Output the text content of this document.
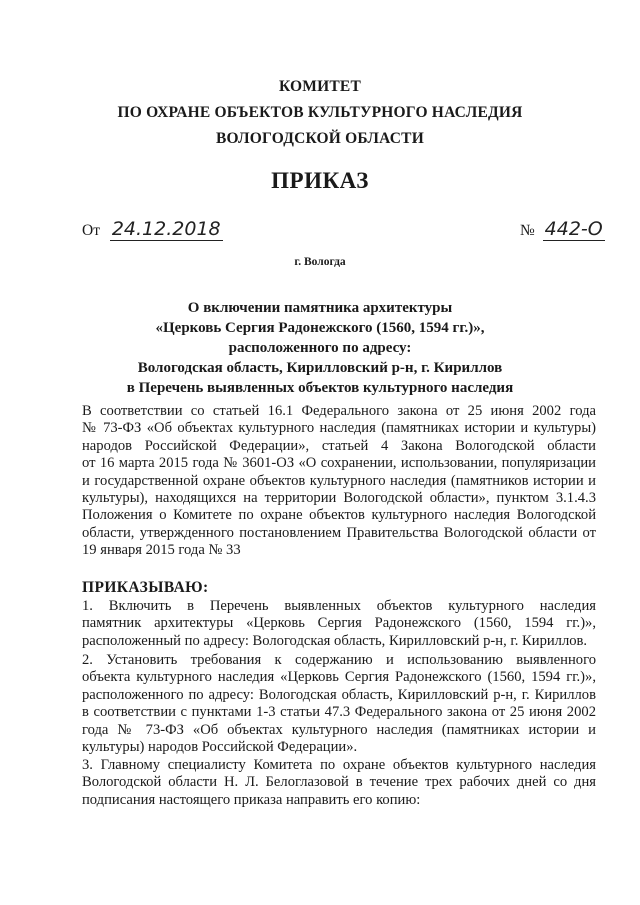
КОМИТЕТ
ПО ОХРАНЕ ОБЪЕКТОВ КУЛЬТУРНОГО НАСЛЕДИЯ
ВОЛОГОДСКОЙ ОБЛАСТИ
ПРИКАЗ
От 24.12.2018	№ 442-О
г. Вологда
О включении памятника архитектуры
«Церковь Сергия Радонежского (1560, 1594 гг.)»,
расположенного по адресу:
Вологодская область, Кирилловский р-н, г. Кириллов
в Перечень выявленных объектов культурного наследия
В соответствии со статьей 16.1 Федерального закона от 25 июня 2002 года
№ 73-ФЗ «Об объектах культурного наследия (памятниках истории и культуры)
народов Российской Федерации», статьей 4 Закона Вологодской области
от 16 марта 2015 года № 3601-ОЗ «О сохранении, использовании, популяризации
и государственной охране объектов культурного наследия (памятников истории и
культуры), находящихся на территории Вологодской области», пунктом 3.1.4.3
Положения о Комитете по охране объектов культурного наследия Вологодской
области, утвержденного постановлением Правительства Вологодской области от
19 января 2015 года № 33
ПРИКАЗЫВАЮ:
1. Включить в Перечень выявленных объектов культурного наследия
памятник архитектуры «Церковь Сергия Радонежского (1560, 1594 гг.)»,
расположенный по адресу: Вологодская область, Кирилловский р-н, г. Кириллов.
2. Установить требования к содержанию и использованию выявленного
объекта культурного наследия «Церковь Сергия Радонежского (1560, 1594 гг.)»,
расположенного по адресу: Вологодская область, Кирилловский р-н, г. Кириллов
в соответствии с пунктами 1-3 статьи 47.3 Федерального закона от 25 июня 2002
года № 73-ФЗ «Об объектах культурного наследия (памятниках истории и
культуры) народов Российской Федерации».
3. Главному специалисту Комитета по охране объектов культурного наследия
Вологодской области Н. Л. Белоглазовой в течение трех рабочих дней со дня
подписания настоящего приказа направить его копию:
